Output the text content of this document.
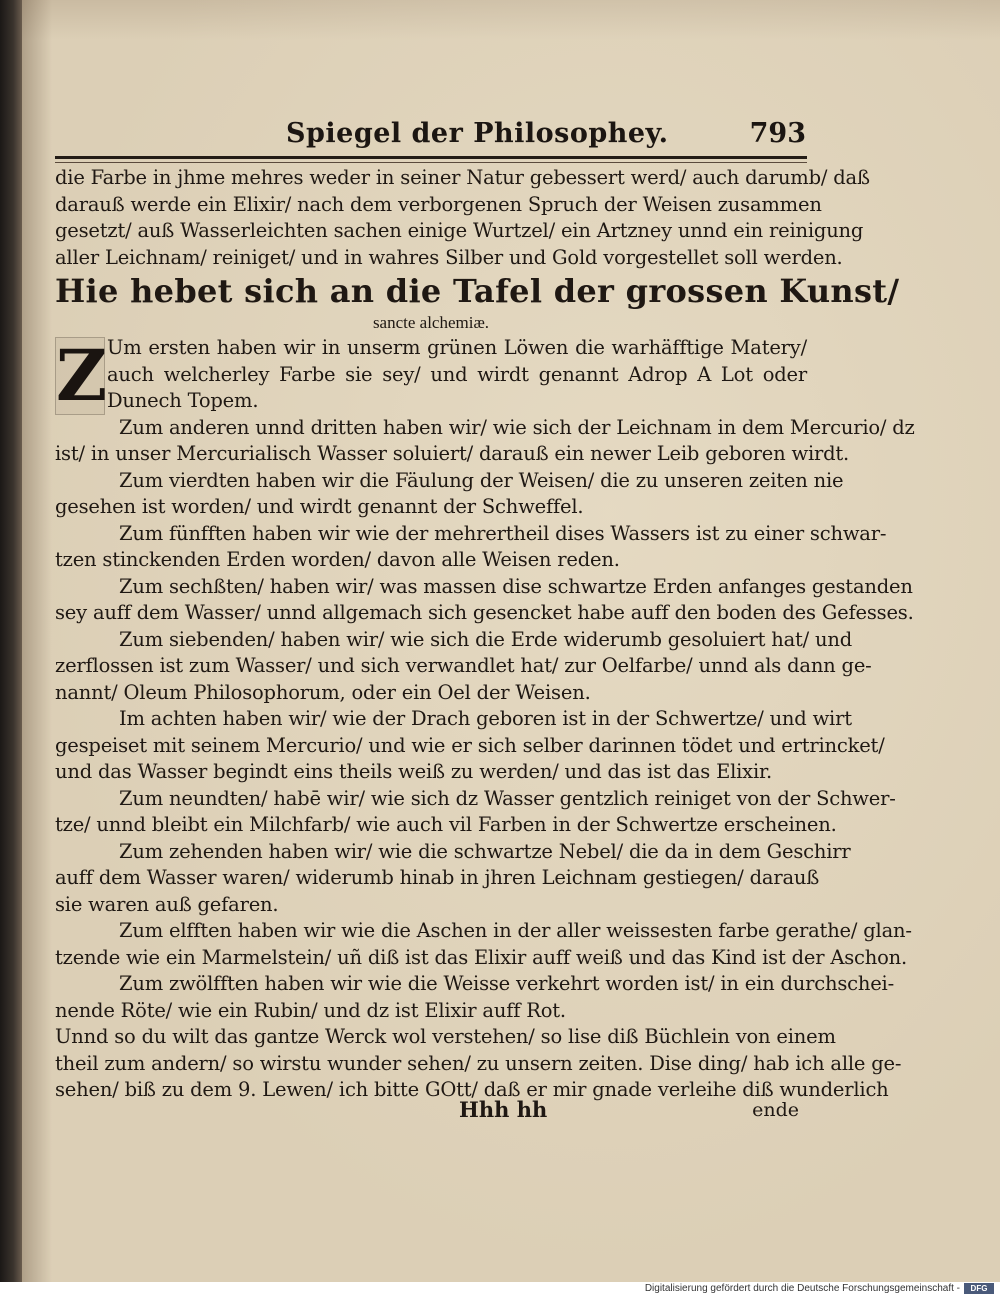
Spiegel der Philosophey.	793
die Farbe in jhme mehres weder in seiner Natur gebessert werd/ auch darumb/ daß
darauß werde ein Elixir/ nach dem verborgenen Spruch der Weisen zusammen
gesetzt/ auß Wasserleichten sachen einige Wurtzel/ ein Artzney unnd ein reinigung
aller Leichnam/ reiniget/ und in wahres Silber und Gold vorgestellet soll werden.
Hie hebet sich an die Tafel der grossen Kunst/
sancte alchemiæ.
Z Um ersten haben wir in unserm grünen Löwen die warhäfftige Matery/
auch welcherley Farbe sie sey/ und wirdt genannt Adrop A Lot oder
Dunech Topem.
Zum anderen unnd dritten haben wir/ wie sich der Leichnam in dem Mercurio/ dz
ist/ in unser Mercurialisch Wasser soluiert/ darauß ein newer Leib geboren wirdt.
Zum vierdten haben wir die Fäulung der Weisen/ die zu unseren zeiten nie
gesehen ist worden/ und wirdt genannt der Schweffel.
Zum fünfften haben wir wie der mehrertheil dises Wassers ist zu einer schwar-
tzen stinckenden Erden worden/ davon alle Weisen reden.
Zum sechßten/ haben wir/ was massen dise schwartze Erden anfanges gestanden
sey auff dem Wasser/ unnd allgemach sich gesencket habe auff den boden des Gefesses.
Zum siebenden/ haben wir/ wie sich die Erde widerumb gesoluiert hat/ und
zerflossen ist zum Wasser/ und sich verwandlet hat/ zur Oelfarbe/ unnd als dann ge-
nannt/ Oleum Philosophorum, oder ein Oel der Weisen.
Im achten haben wir/ wie der Drach geboren ist in der Schwertze/ und wirt
gespeiset mit seinem Mercurio/ und wie er sich selber darinnen tödet und ertrincket/
und das Wasser begindt eins theils weiß zu werden/ und das ist das Elixir.
Zum neundten/ habē wir/ wie sich dz Wasser gentzlich reiniget von der Schwer-
tze/ unnd bleibt ein Milchfarb/ wie auch vil Farben in der Schwertze erscheinen.
Zum zehenden haben wir/ wie die schwartze Nebel/ die da in dem Geschirr
auff dem Wasser waren/ widerumb hinab in jhren Leichnam gestiegen/ darauß
sie waren auß gefaren.
Zum elfften haben wir wie die Aschen in der aller weissesten farbe gerathe/ glan-
tzende wie ein Marmelstein/ uñ diß ist das Elixir auff weiß und das Kind ist der Aschon.
Zum zwölfften haben wir wie die Weisse verkehrt worden ist/ in ein durchschei-
nende Röte/ wie ein Rubin/ und dz ist Elixir auff Rot.
Unnd so du wilt das gantze Werck wol verstehen/ so lise diß Büchlein von einem
theil zum andern/ so wirstu wunder sehen/ zu unsern zeiten. Dise ding/ hab ich alle ge-
sehen/ biß zu dem 9. Lewen/ ich bitte GOtt/ daß er mir gnade verleihe diß wunderlich
Hhh hh	ende
Digitalisierung gefördert durch die Deutsche Forschungsgemeinschaft -	DFG
